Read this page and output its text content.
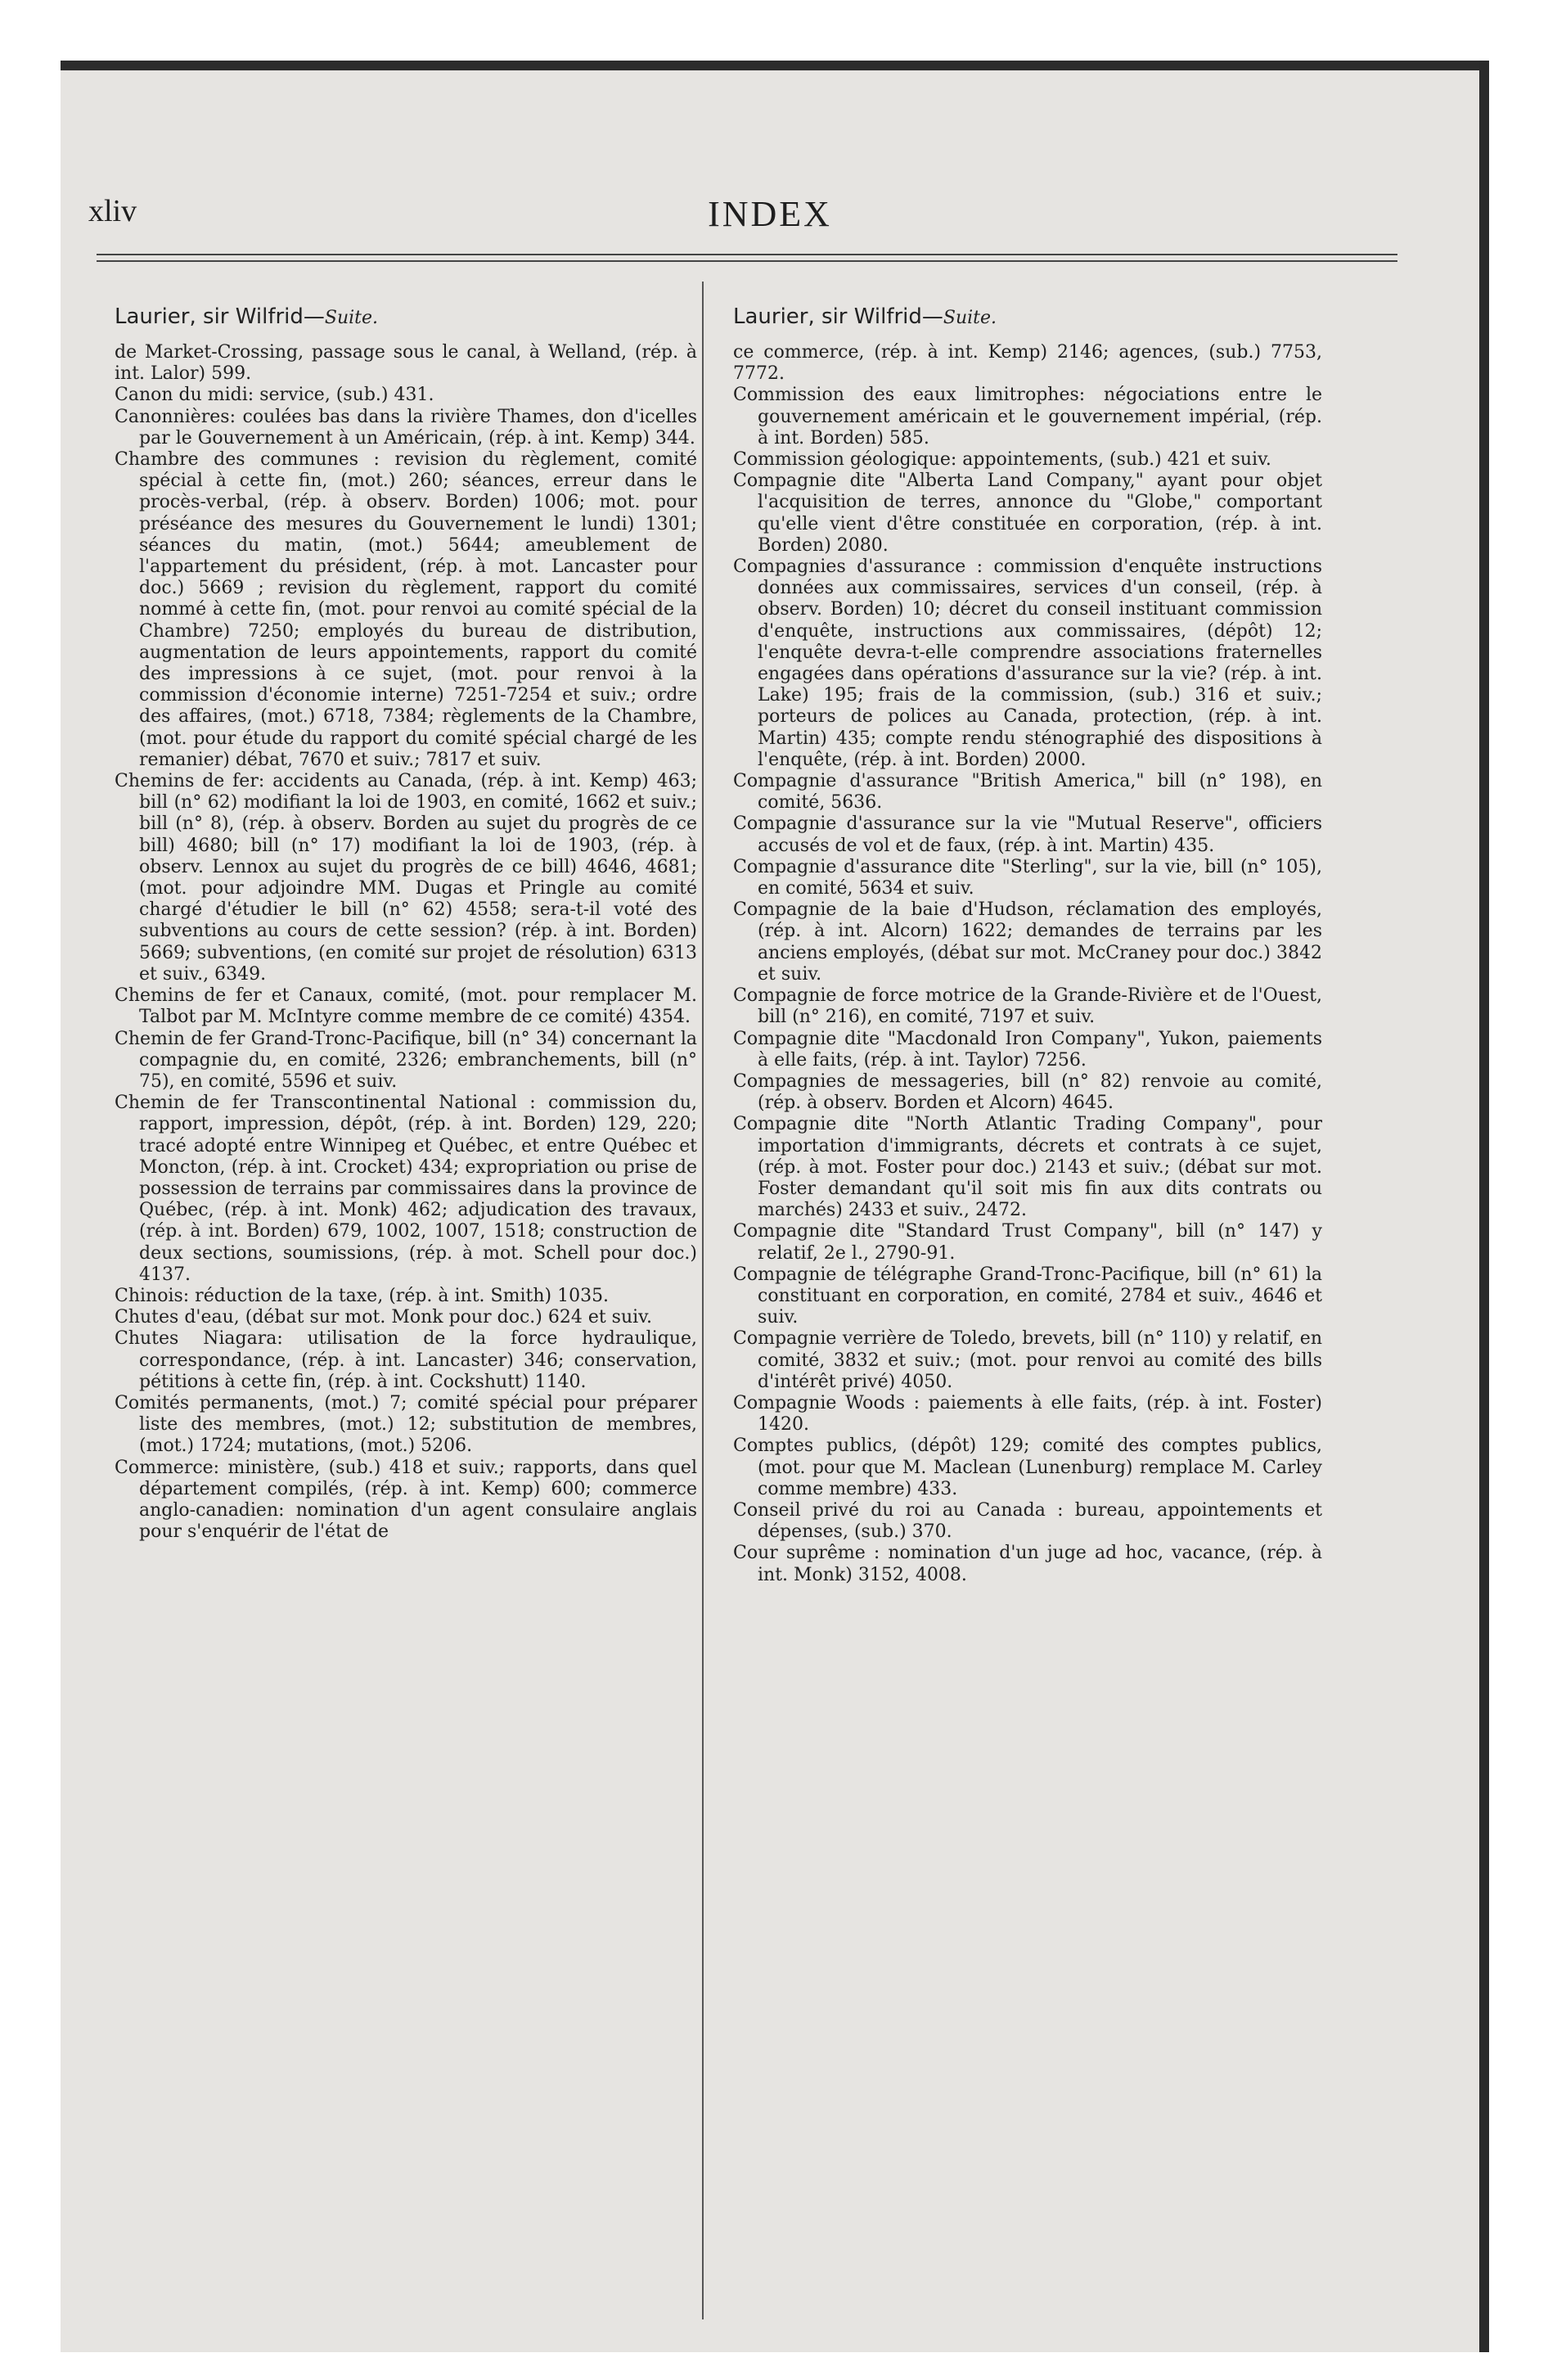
xliv	INDEX
Laurier, sir Wilfrid—Suite.
de Market-Crossing, passage sous le canal, à Welland, (rép. à int. Lalor) 599.
Canon du midi: service, (sub.) 431.
Canonnières: coulées bas dans la rivière Thames, don d'icelles par le Gouvernement à un Américain, (rép. à int. Kemp) 344.
Chambre des communes : revision du règlement, comité spécial à cette fin, (mot.) 260; séances, erreur dans le procès-verbal, (rép. à observ. Borden) 1006; mot. pour préséance des mesures du Gouvernement le lundi) 1301; séances du matin, (mot.) 5644; ameublement de l'appartement du président, (rép. à mot. Lancaster pour doc.) 5669 ; revision du règlement, rapport du comité nommé à cette fin, (mot. pour renvoi au comité spécial de la Chambre) 7250; employés du bureau de distribution, augmentation de leurs appointements, rapport du comité des impressions à ce sujet, (mot. pour renvoi à la commission d'économie interne) 7251-7254 et suiv.; ordre des affaires, (mot.) 6718, 7384; règlements de la Chambre, (mot. pour étude du rapport du comité spécial chargé de les remanier) débat, 7670 et suiv.; 7817 et suiv.
Chemins de fer: accidents au Canada, (rép. à int. Kemp) 463; bill (n° 62) modifiant la loi de 1903, en comité, 1662 et suiv.; bill (n° 8), (rép. à observ. Borden au sujet du progrès de ce bill) 4680; bill (n° 17) modifiant la loi de 1903, (rép. à observ. Lennox au sujet du progrès de ce bill) 4646, 4681; (mot. pour adjoindre MM. Dugas et Pringle au comité chargé d'étudier le bill (n° 62) 4558; sera-t-il voté des subventions au cours de cette session? (rép. à int. Borden) 5669; subventions, (en comité sur projet de résolution) 6313 et suiv., 6349.
Chemins de fer et Canaux, comité, (mot. pour remplacer M. Talbot par M. McIntyre comme membre de ce comité) 4354.
Chemin de fer Grand-Tronc-Pacifique, bill (n° 34) concernant la compagnie du, en comité, 2326; embranchements, bill (n° 75), en comité, 5596 et suiv.
Chemin de fer Transcontinental National : commission du, rapport, impression, dépôt, (rép. à int. Borden) 129, 220; tracé adopté entre Winnipeg et Québec, et entre Québec et Moncton, (rép. à int. Crocket) 434; expropriation ou prise de possession de terrains par commissaires dans la province de Québec, (rép. à int. Monk) 462; adjudication des travaux, (rép. à int. Borden) 679, 1002, 1007, 1518; construction de deux sections, soumissions, (rép. à mot. Schell pour doc.) 4137.
Chinois: réduction de la taxe, (rép. à int. Smith) 1035.
Chutes d'eau, (débat sur mot. Monk pour doc.) 624 et suiv.
Chutes Niagara: utilisation de la force hydraulique, correspondance, (rép. à int. Lancaster) 346; conservation, pétitions à cette fin, (rép. à int. Cockshutt) 1140.
Comités permanents, (mot.) 7; comité spécial pour préparer liste des membres, (mot.) 12; substitution de membres, (mot.) 1724; mutations, (mot.) 5206.
Commerce: ministère, (sub.) 418 et suiv.; rapports, dans quel département compilés, (rép. à int. Kemp) 600; commerce anglo-canadien: nomination d'un agent consulaire anglais pour s'enquérir de l'état de
Laurier, sir Wilfrid—Suite.
ce commerce, (rép. à int. Kemp) 2146; agences, (sub.) 7753, 7772.
Commission des eaux limitrophes: négociations entre le gouvernement américain et le gouvernement impérial, (rép. à int. Borden) 585.
Commission géologique: appointements, (sub.) 421 et suiv.
Compagnie dite "Alberta Land Company," ayant pour objet l'acquisition de terres, annonce du "Globe," comportant qu'elle vient d'être constituée en corporation, (rép. à int. Borden) 2080.
Compagnies d'assurance : commission d'enquête instructions données aux commissaires, services d'un conseil, (rép. à observ. Borden) 10; décret du conseil instituant commission d'enquête, instructions aux commissaires, (dépôt) 12; l'enquête devra-t-elle comprendre associations fraternelles engagées dans opérations d'assurance sur la vie? (rép. à int. Lake) 195; frais de la commission, (sub.) 316 et suiv.; porteurs de polices au Canada, protection, (rép. à int. Martin) 435; compte rendu sténographié des dispositions à l'enquête, (rép. à int. Borden) 2000.
Compagnie d'assurance "British America," bill (n° 198), en comité, 5636.
Compagnie d'assurance sur la vie "Mutual Reserve", officiers accusés de vol et de faux, (rép. à int. Martin) 435.
Compagnie d'assurance dite "Sterling", sur la vie, bill (n° 105), en comité, 5634 et suiv.
Compagnie de la baie d'Hudson, réclamation des employés, (rép. à int. Alcorn) 1622; demandes de terrains par les anciens employés, (débat sur mot. McCraney pour doc.) 3842 et suiv.
Compagnie de force motrice de la Grande-Rivière et de l'Ouest, bill (n° 216), en comité, 7197 et suiv.
Compagnie dite "Macdonald Iron Company", Yukon, paiements à elle faits, (rép. à int. Taylor) 7256.
Compagnies de messageries, bill (n° 82) renvoie au comité, (rép. à observ. Borden et Alcorn) 4645.
Compagnie dite "North Atlantic Trading Company", pour importation d'immigrants, décrets et contrats à ce sujet, (rép. à mot. Foster pour doc.) 2143 et suiv.; (débat sur mot. Foster demandant qu'il soit mis fin aux dits contrats ou marchés) 2433 et suiv., 2472.
Compagnie dite "Standard Trust Company", bill (n° 147) y relatif, 2e l., 2790-91.
Compagnie de télégraphe Grand-Tronc-Pacifique, bill (n° 61) la constituant en corporation, en comité, 2784 et suiv., 4646 et suiv.
Compagnie verrière de Toledo, brevets, bill (n° 110) y relatif, en comité, 3832 et suiv.; (mot. pour renvoi au comité des bills d'intérêt privé) 4050.
Compagnie Woods : paiements à elle faits, (rép. à int. Foster) 1420.
Comptes publics, (dépôt) 129; comité des comptes publics, (mot. pour que M. Maclean (Lunenburg) remplace M. Carley comme membre) 433.
Conseil privé du roi au Canada : bureau, appointements et dépenses, (sub.) 370.
Cour suprême : nomination d'un juge ad hoc, vacance, (rép. à int. Monk) 3152, 4008.
